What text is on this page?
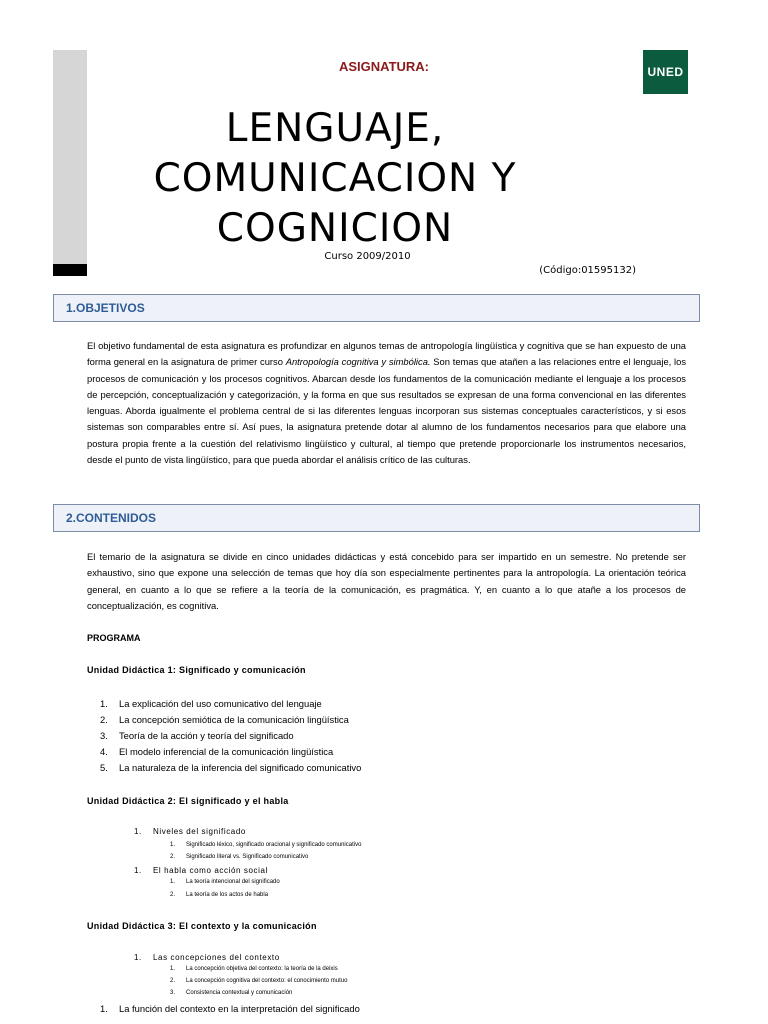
ASIGNATURA:	UNED
LENGUAJE,
COMUNICACION Y
COGNICION
Curso 2009/2010
(Código:01595132)
1.OBJETIVOS
El objetivo fundamental de esta asignatura es profundizar en algunos temas de antropología lingüística y cognitiva que se han expuesto de una forma general en la asignatura de primer curso Antropología cognitiva y simbólica. Son temas que atañen a las relaciones entre el lenguaje, los procesos de comunicación y los procesos cognitivos. Abarcan desde los fundamentos de la comunicación mediante el lenguaje a los procesos de percepción, conceptualización y categorización, y la forma en que sus resultados se expresan de una forma convencional en las diferentes lenguas. Aborda igualmente el problema central de si las diferentes lenguas incorporan sus sistemas conceptuales característicos, y si esos sistemas son comparables entre sí. Así pues, la asignatura pretende dotar al alumno de los fundamentos necesarios para que elabore una postura propia frente a la cuestión del relativismo lingüístico y cultural, al tiempo que pretende proporcionarle los instrumentos necesarios, desde el punto de vista lingüístico, para que pueda abordar el análisis crítico de las culturas.
2.CONTENIDOS
El temario de la asignatura se divide en cinco unidades didácticas y está concebido para ser impartido en un semestre. No pretende ser exhaustivo, sino que expone una selección de temas que hoy día son especialmente pertinentes para la antropología. La orientación teórica general, en cuanto a lo que se refiere a la teoría de la comunicación, es pragmática. Y, en cuanto a lo que atañe a los procesos de conceptualización, es cognitiva.
PROGRAMA
Unidad Didáctica 1: Significado y comunicación
1. La explicación del uso comunicativo del lenguaje
2. La concepción semiótica de la comunicación lingüística
3. Teoría de la acción y teoría del significado
4. El modelo inferencial de la comunicación lingüística
5. La naturaleza de la inferencia del significado comunicativo
Unidad Didáctica 2: El significado y el habla
1. Niveles del significado
1. Significado léxico, significado oracional y significado comunicativo
2. Significado literal vs. Significado comunicativo
1. El habla como acción social
1. La teoría intencional del significado
2. La teoría de los actos de habla
Unidad Didáctica 3: El contexto y la comunicación
1. Las concepciones del contexto
1. La concepción objetiva del contexto: la teoría de la deixis
2. La concepción cognitiva del contexto: el conocimiento mutuo
3. Consistencia contextual y comunicación
1. La función del contexto en la interpretación del significado
